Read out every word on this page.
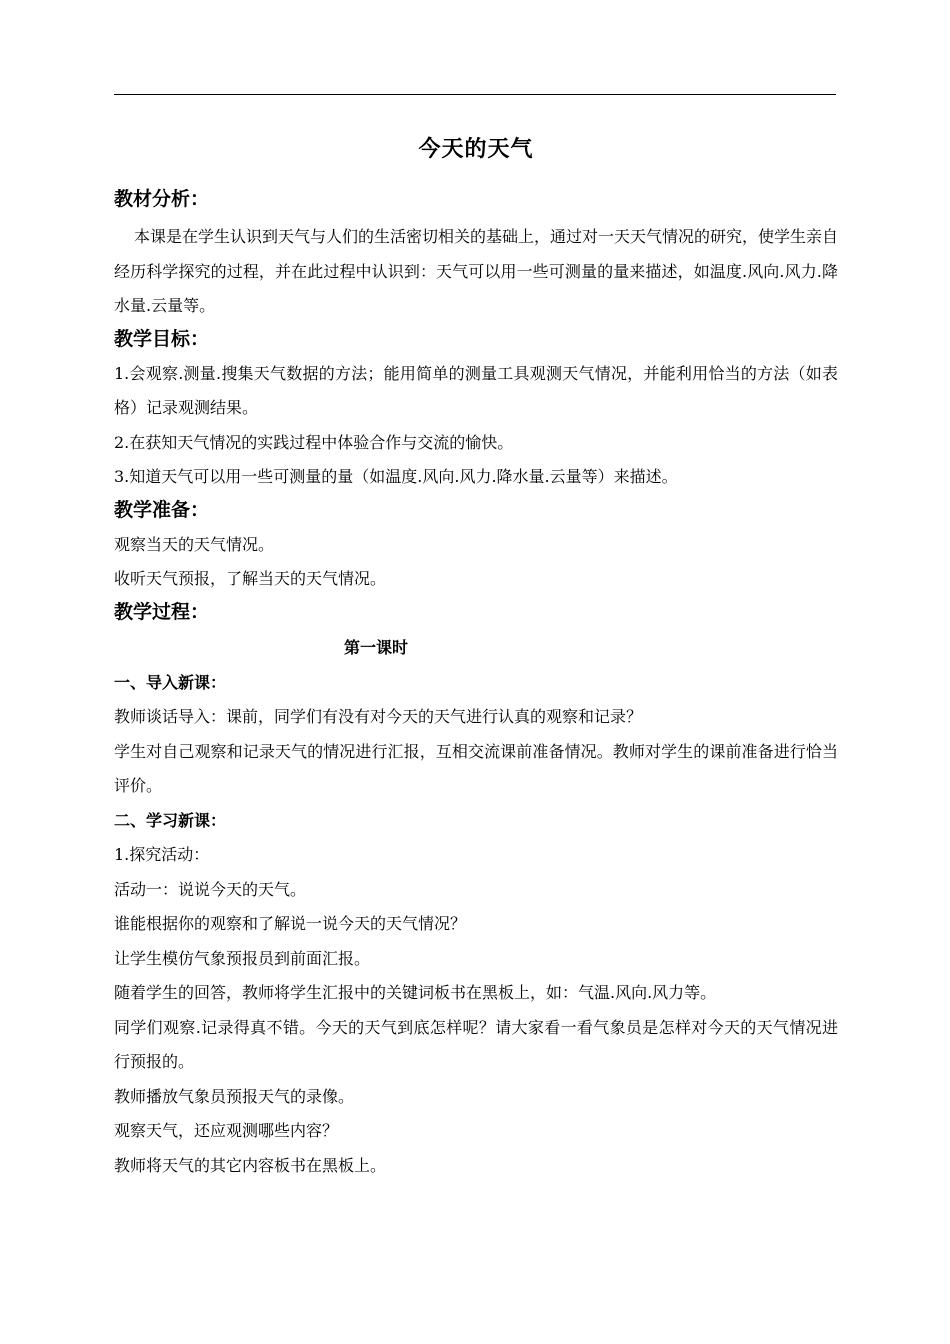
今天的天气
教材分析：

本课是在学生认识到天气与人们的生活密切相关的基础上，通过对一天天气情况的研究，使学生亲自经历科学探究的过程，并在此过程中认识到：天气可以用一些可测量的量来描述，如温度.风向.风力.降水量.云量等。

教学目标：

1.会观察.测量.搜集天气数据的方法；能用简单的测量工具观测天气情况，并能利用恰当的方法（如表格）记录观测结果。

2.在获知天气情况的实践过程中体验合作与交流的愉快。

3.知道天气可以用一些可测量的量（如温度.风向.风力.降水量.云量等）来描述。

教学准备：

观察当天的天气情况。

收听天气预报，了解当天的天气情况。

教学过程：
第一课时
一、导入新课：

教师谈话导入：课前，同学们有没有对今天的天气进行认真的观察和记录？

学生对自己观察和记录天气的情况进行汇报，互相交流课前准备情况。教师对学生的课前准备进行恰当评价。

二、学习新课：

1.探究活动：

活动一：说说今天的天气。

谁能根据你的观察和了解说一说今天的天气情况？

让学生模仿气象预报员到前面汇报。

随着学生的回答，教师将学生汇报中的关键词板书在黑板上，如：气温.风向.风力等。

同学们观察.记录得真不错。今天的天气到底怎样呢？请大家看一看气象员是怎样对今天的天气情况进行预报的。

教师播放气象员预报天气的录像。

观察天气，还应观测哪些内容？

教师将天气的其它内容板书在黑板上。
